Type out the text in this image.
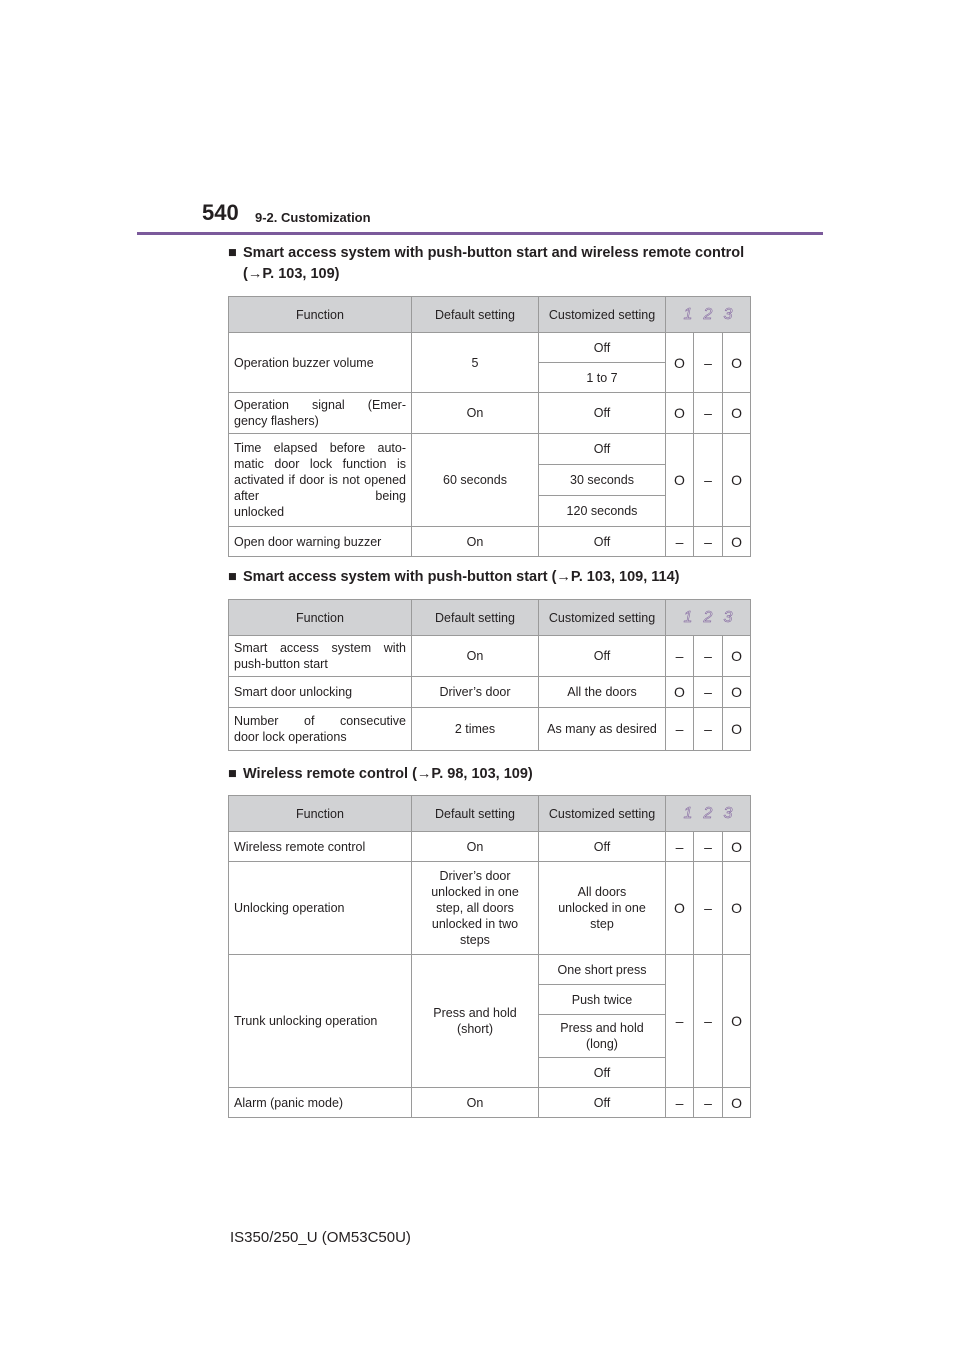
540 9-2. Customization
■ Smart access system with push-button start and wireless remote control (→P. 103, 109)
Function	Default setting	Customized setting	1 2 3		
Operation buzzer volume	5	Off	O	–	O
		1 to 7			
Operation signal (Emer-
gency flashers)	On	Off	O	–	O
Time elapsed before auto- matic door lock function is activated if door is not opened after being
unlocked	60 seconds	Off	O	–	O
		30 seconds			
		120 seconds			
Open door warning buzzer	On	Off	–	–	O
■ Smart access system with push-button start (→P. 103, 109, 114)
Function	Default setting	Customized setting	1 2 3		
Smart access system with
push-button start	On	Off	–	–	O
Smart door unlocking	Driver’s door	All the doors	O	–	O
Number of consecutive
door lock operations	2 times	As many as desired	–	–	O
■ Wireless remote control (→P. 98, 103, 109)
Function	Default setting	Customized setting	1 2 3		
Wireless remote control	On	Off	–	–	O
Unlocking operation	Driver’s door unlocked in one step, all doors unlocked in two steps	All doors unlocked in one step	O	–	O
Trunk unlocking operation	Press and hold (short)	One short press	–	–	O
		Push twice			
		Press and hold (long)			
		Off			
Alarm (panic mode)	On	Off	–	–	O
IS350/250_U (OM53C50U)
